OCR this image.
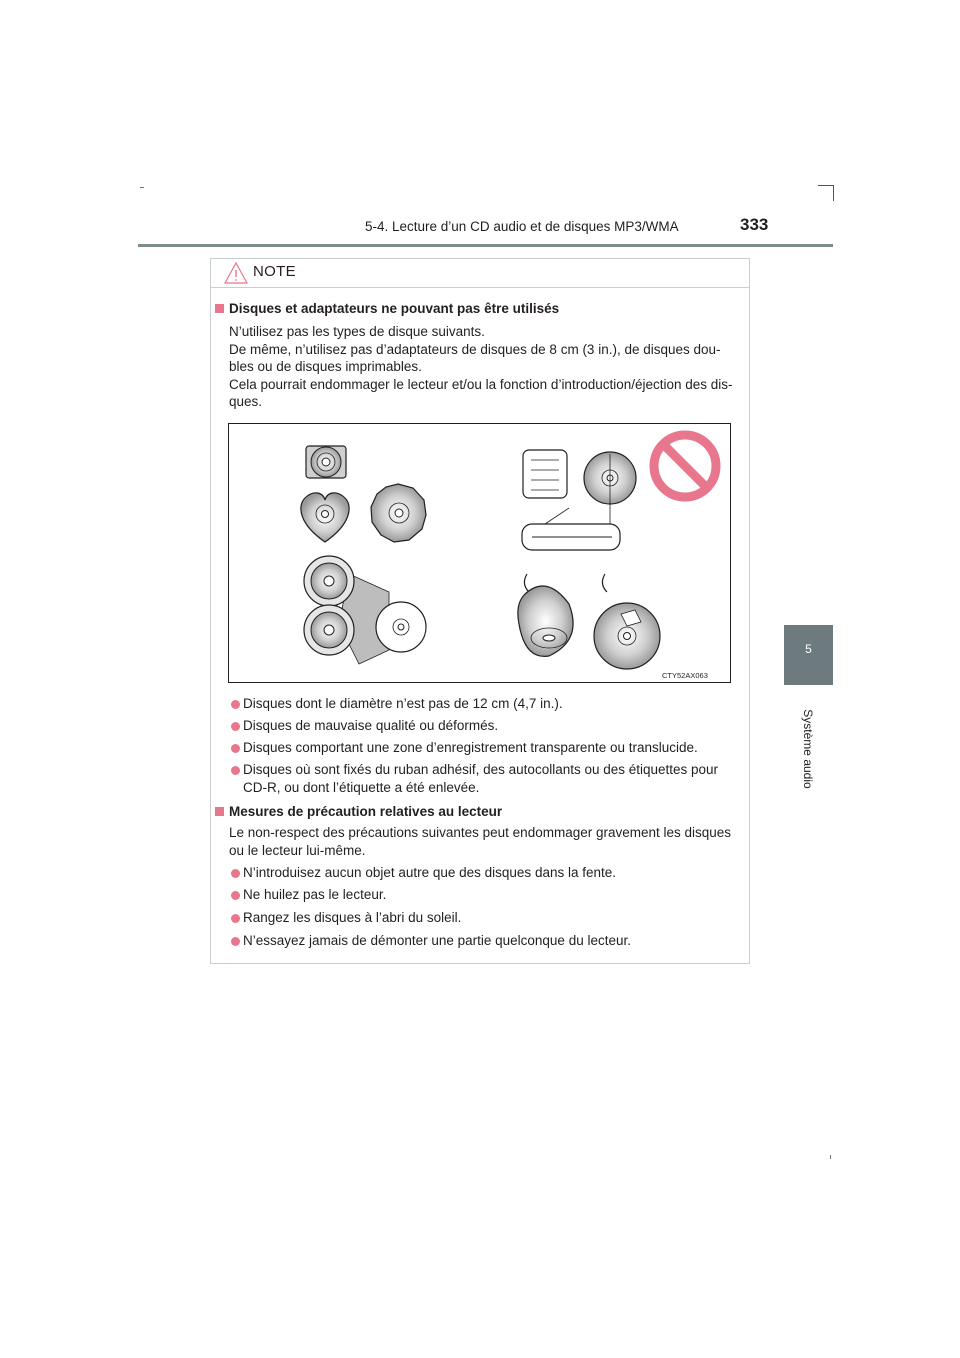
5-4. Lecture d’un CD audio et de disques MP3/WMA	333
5
Système audio
NOTE
Disques et adaptateurs ne pouvant pas être utilisés
N’utilisez pas les types de disque suivants.
De même, n’utilisez pas d’adaptateurs de disques de 8 cm (3 in.), de disques dou-
bles ou de disques imprimables.
Cela pourrait endommager le lecteur et/ou la fonction d’introduction/éjection des dis-
ques.
CTY52AX063
Disques dont le diamètre n’est pas de 12 cm (4,7 in.).
Disques de mauvaise qualité ou déformés.
Disques comportant une zone d’enregistrement transparente ou translucide.
Disques où sont fixés du ruban adhésif, des autocollants ou des étiquettes pour
CD-R, ou dont l’étiquette a été enlevée.
Mesures de précaution relatives au lecteur
Le non-respect des précautions suivantes peut endommager gravement les disques
ou le lecteur lui-même.
N’introduisez aucun objet autre que des disques dans la fente.
Ne huilez pas le lecteur.
Rangez les disques à l’abri du soleil.
N’essayez jamais de démonter une partie quelconque du lecteur.
